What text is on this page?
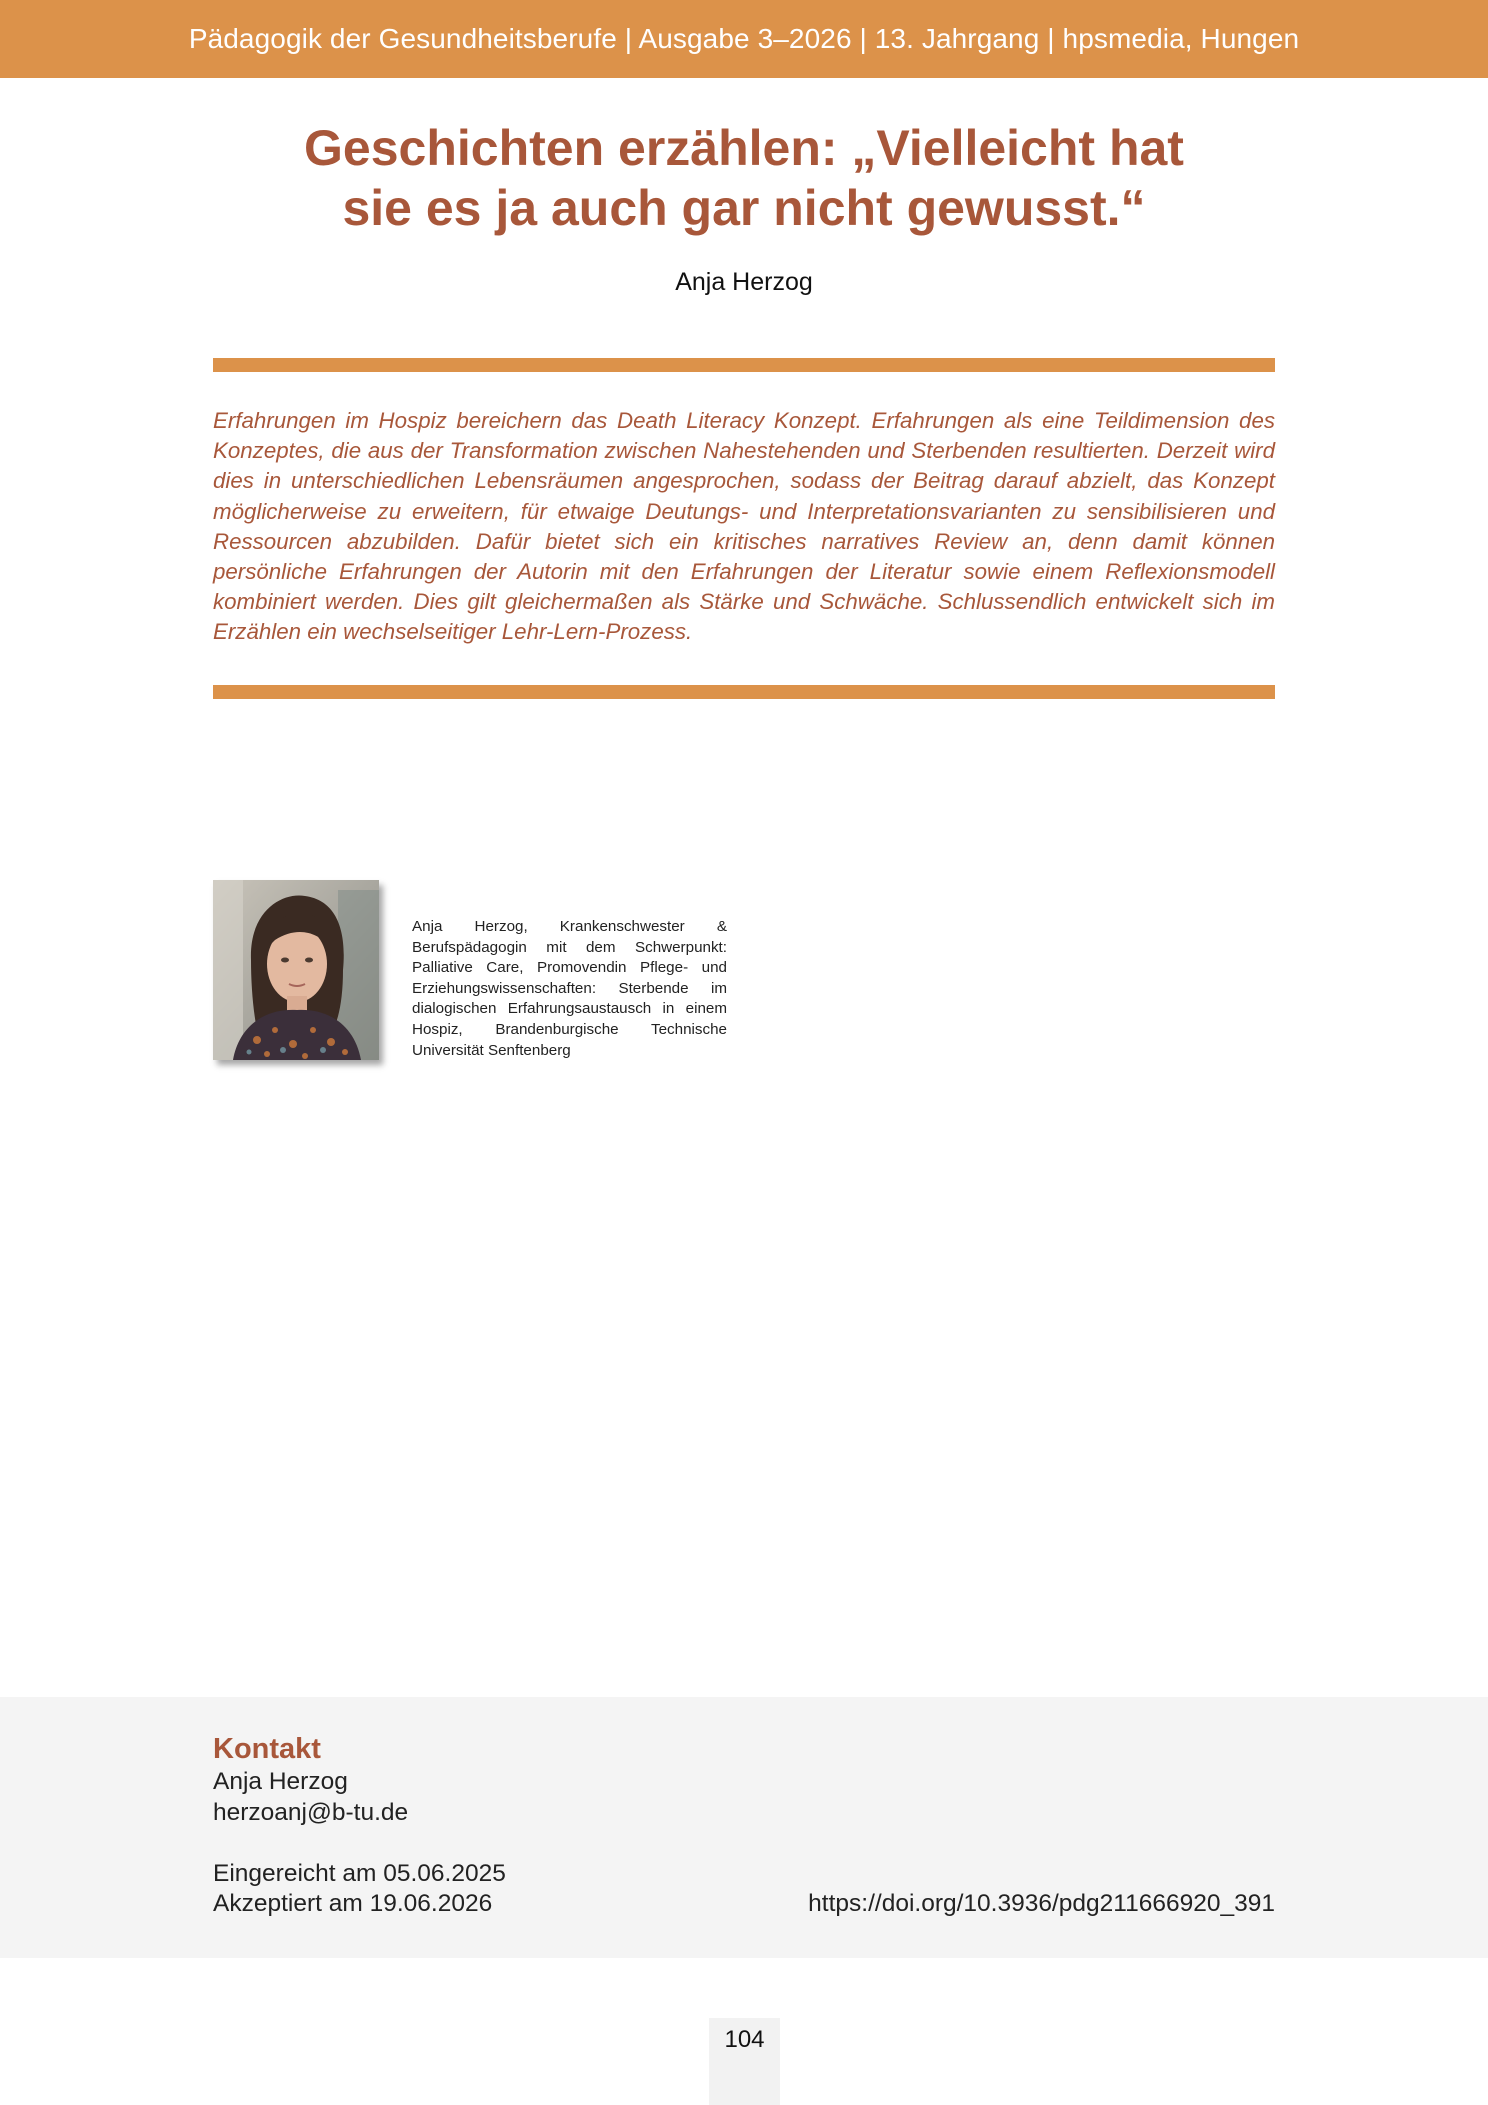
Pädagogik der Gesundheitsberufe | Ausgabe 3–2026 | 13. Jahrgang | hpsmedia, Hungen
Geschichten erzählen: „Vielleicht hat
sie es ja auch gar nicht gewusst.“
Anja Herzog

Erfahrungen im Hospiz bereichern das Death Literacy Konzept. Erfahrungen als eine Teildimension des Konzeptes, die aus der Transformation zwischen Nahestehenden und Sterbenden resultierten. Derzeit wird dies in unterschiedlichen Lebensräumen angesprochen, sodass der Beitrag darauf abzielt, das Konzept möglicherweise zu erweitern, für etwaige Deutungs- und Interpretationsvarianten zu sensibilisieren und Ressourcen abzubilden. Dafür bietet sich ein kritisches narratives Review an, denn damit können persönliche Erfahrungen der Autorin mit den Erfahrungen der Literatur sowie einem Reflexionsmodell kombiniert werden. Dies gilt gleichermaßen als Stärke und Schwäche. Schlussendlich entwickelt sich im Erzählen ein wechselseitiger Lehr-Lern-Prozess.

Anja Herzog, Krankenschwester & Berufspädagogin mit dem Schwerpunkt: Palliative Care, Promovendin Pflege- und Erziehungswissenschaften: Sterbende im dialogischen Erfahrungsaustausch in einem Hospiz, Brandenburgische Technische Universität Senftenberg

Kontakt
Anja Herzog
herzoanj@b-tu.de
Eingereicht am 05.06.2025
Akzeptiert am 19.06.2026	https://doi.org/10.3936/pdg211666920_391
104
